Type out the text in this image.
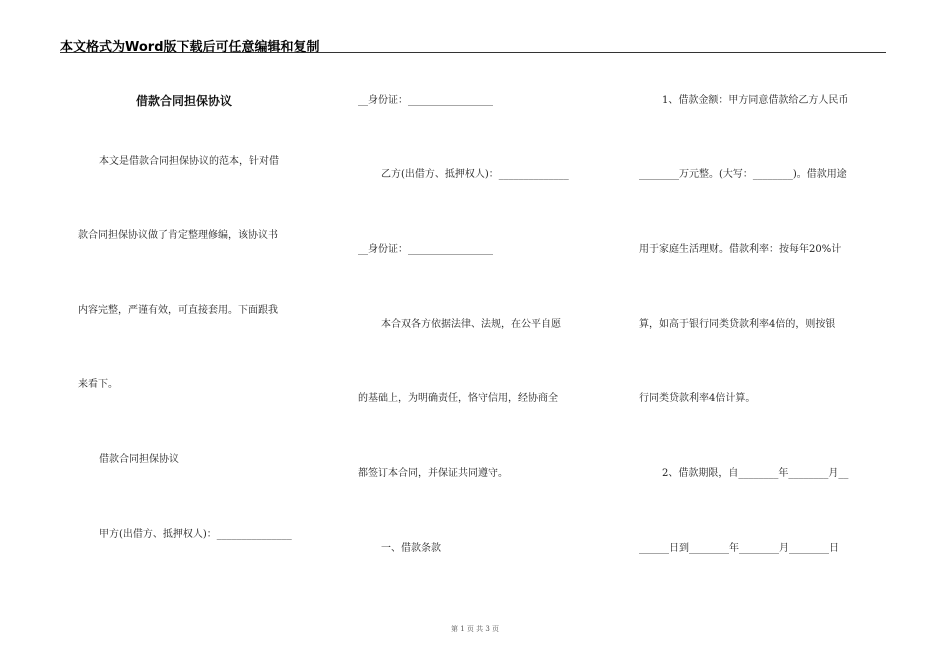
本文格式为Word版下载后可任意编辑和复制
借款合同担保协议
本文是借款合同担保协议的范本，针对借
款合同担保协议做了肯定整理修编，该协议书
内容完整，严谨有效，可直接套用。下面跟我
来看下。
借款合同担保协议
甲方(出借方、抵押权人)：_______________
__身份证：_________________
乙方(出借方、抵押权人)：______________
__身份证：_________________
本合双各方依据法律、法规，在公平自愿
的基础上，为明确责任，恪守信用，经协商全
都签订本合同，并保证共同遵守。
一、借款条款
1、借款金额：甲方同意借款给乙方人民币
________万元整。(大写：________)。借款用途
用于家庭生活理财。借款利率：按每年20%计
算，如高于银行同类贷款利率4倍的，则按银
行同类贷款利率4倍计算。
2、借款期限，自________年________月__
______日到________年________月________日
第 1 页 共 3 页
